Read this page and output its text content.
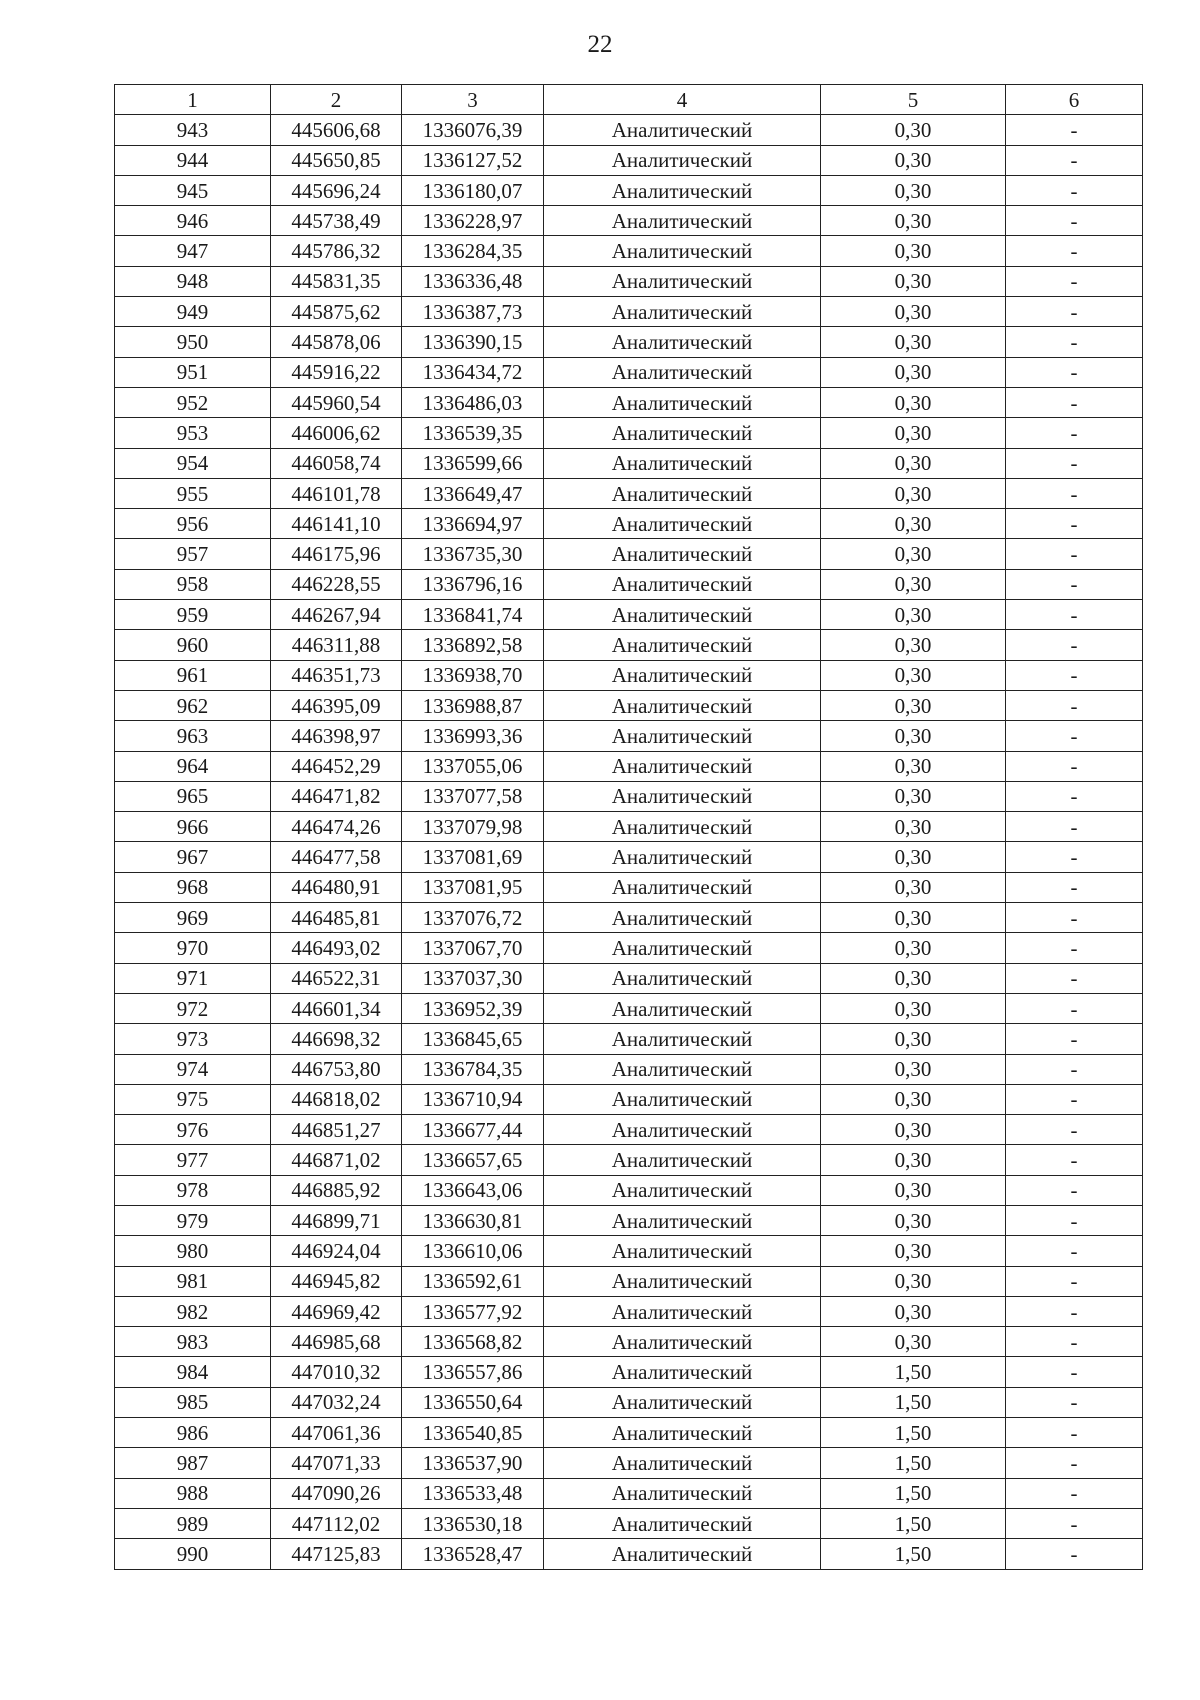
22
1	2	3	4	5	6
943	445606,68	1336076,39	Аналитический	0,30	-
944	445650,85	1336127,52	Аналитический	0,30	-
945	445696,24	1336180,07	Аналитический	0,30	-
946	445738,49	1336228,97	Аналитический	0,30	-
947	445786,32	1336284,35	Аналитический	0,30	-
948	445831,35	1336336,48	Аналитический	0,30	-
949	445875,62	1336387,73	Аналитический	0,30	-
950	445878,06	1336390,15	Аналитический	0,30	-
951	445916,22	1336434,72	Аналитический	0,30	-
952	445960,54	1336486,03	Аналитический	0,30	-
953	446006,62	1336539,35	Аналитический	0,30	-
954	446058,74	1336599,66	Аналитический	0,30	-
955	446101,78	1336649,47	Аналитический	0,30	-
956	446141,10	1336694,97	Аналитический	0,30	-
957	446175,96	1336735,30	Аналитический	0,30	-
958	446228,55	1336796,16	Аналитический	0,30	-
959	446267,94	1336841,74	Аналитический	0,30	-
960	446311,88	1336892,58	Аналитический	0,30	-
961	446351,73	1336938,70	Аналитический	0,30	-
962	446395,09	1336988,87	Аналитический	0,30	-
963	446398,97	1336993,36	Аналитический	0,30	-
964	446452,29	1337055,06	Аналитический	0,30	-
965	446471,82	1337077,58	Аналитический	0,30	-
966	446474,26	1337079,98	Аналитический	0,30	-
967	446477,58	1337081,69	Аналитический	0,30	-
968	446480,91	1337081,95	Аналитический	0,30	-
969	446485,81	1337076,72	Аналитический	0,30	-
970	446493,02	1337067,70	Аналитический	0,30	-
971	446522,31	1337037,30	Аналитический	0,30	-
972	446601,34	1336952,39	Аналитический	0,30	-
973	446698,32	1336845,65	Аналитический	0,30	-
974	446753,80	1336784,35	Аналитический	0,30	-
975	446818,02	1336710,94	Аналитический	0,30	-
976	446851,27	1336677,44	Аналитический	0,30	-
977	446871,02	1336657,65	Аналитический	0,30	-
978	446885,92	1336643,06	Аналитический	0,30	-
979	446899,71	1336630,81	Аналитический	0,30	-
980	446924,04	1336610,06	Аналитический	0,30	-
981	446945,82	1336592,61	Аналитический	0,30	-
982	446969,42	1336577,92	Аналитический	0,30	-
983	446985,68	1336568,82	Аналитический	0,30	-
984	447010,32	1336557,86	Аналитический	1,50	-
985	447032,24	1336550,64	Аналитический	1,50	-
986	447061,36	1336540,85	Аналитический	1,50	-
987	447071,33	1336537,90	Аналитический	1,50	-
988	447090,26	1336533,48	Аналитический	1,50	-
989	447112,02	1336530,18	Аналитический	1,50	-
990	447125,83	1336528,47	Аналитический	1,50	-
